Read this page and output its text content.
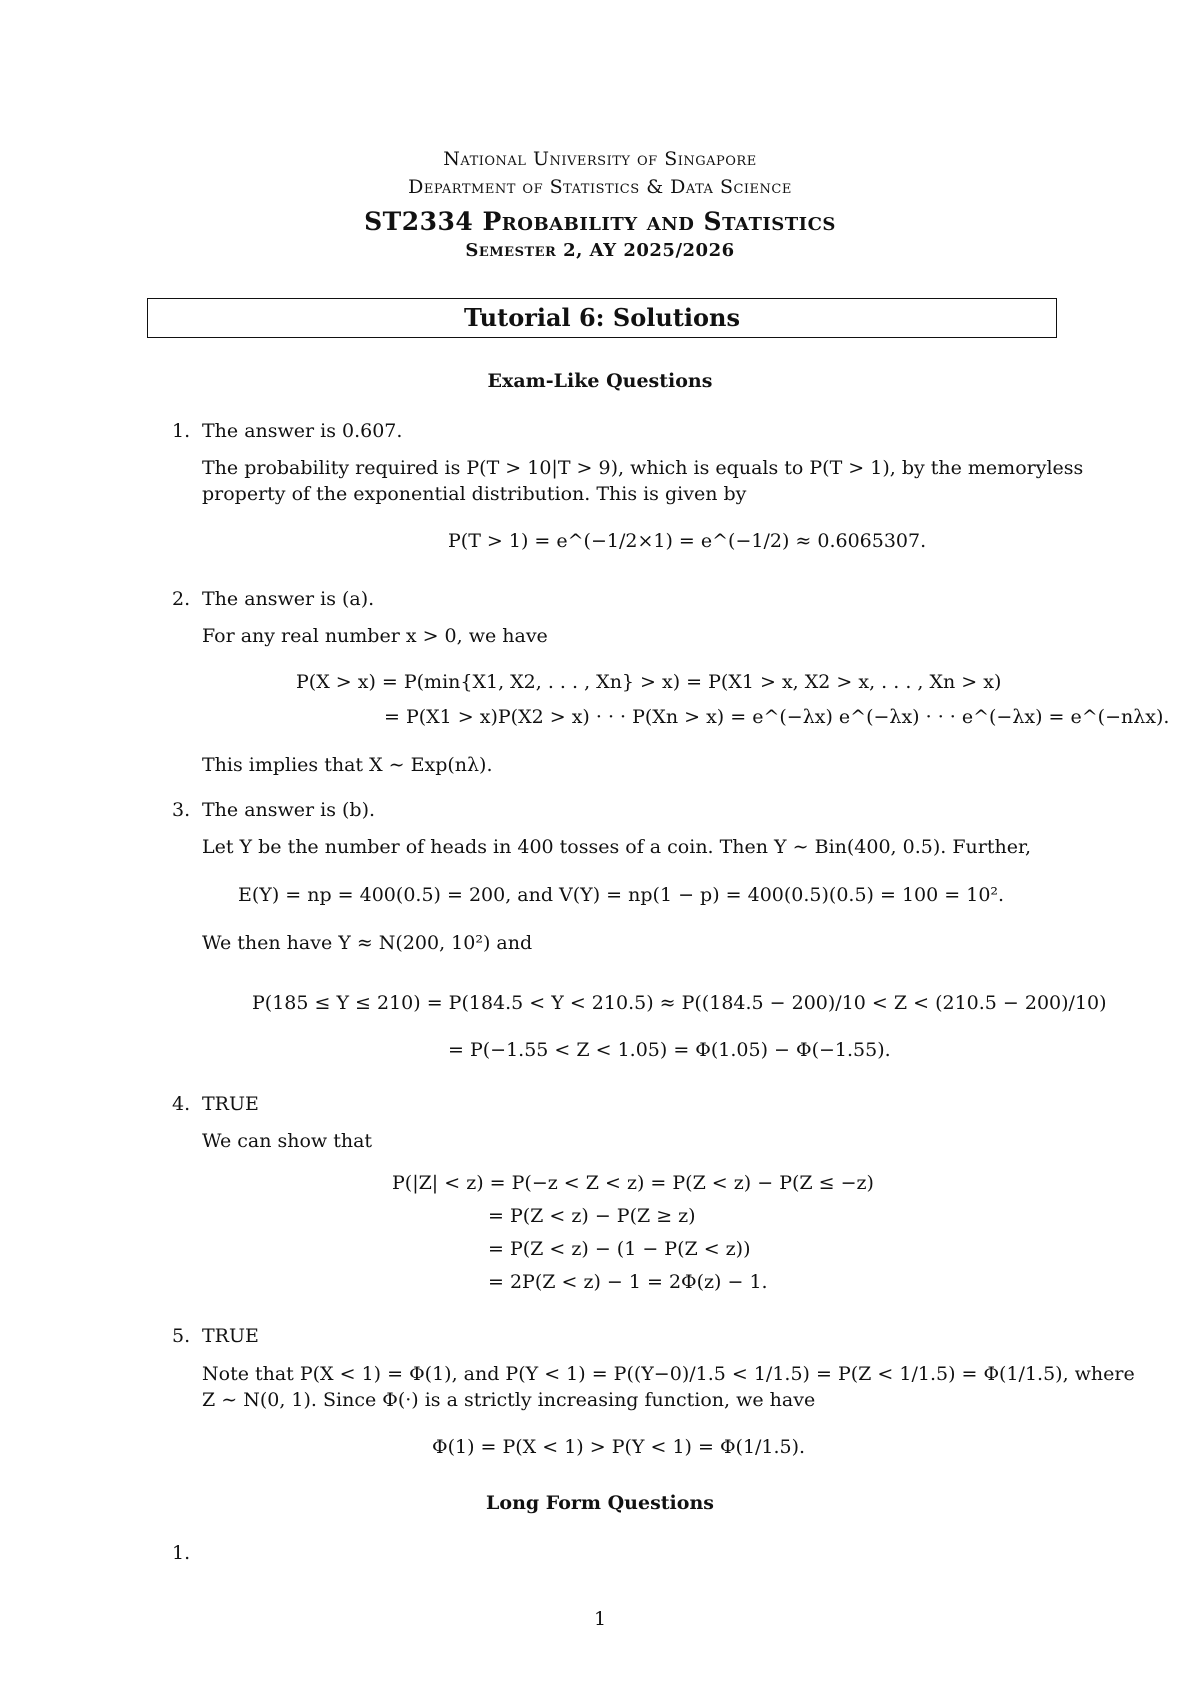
National University of Singapore
Department of Statistics & Data Science
ST2334 Probability and Statistics
Semester 2, AY 2025/2026
Tutorial 6: Solutions
Exam-Like Questions
1. The answer is 0.607.
The probability required is P(T > 10|T > 9), which is equals to P(T > 1), by the memoryless
property of the exponential distribution. This is given by
P(T > 1) = e^(−1/2×1) = e^(−1/2) ≈ 0.6065307.
2. The answer is (a).
For any real number x > 0, we have
P(X > x) = P(min{X1, X2, . . . , Xn} > x) = P(X1 > x, X2 > x, . . . , Xn > x)
= P(X1 > x)P(X2 > x) · · · P(Xn > x) = e^(−λx) e^(−λx) · · · e^(−λx) = e^(−nλx).
This implies that X ∼ Exp(nλ).
3. The answer is (b).
Let Y be the number of heads in 400 tosses of a coin. Then Y ∼ Bin(400, 0.5). Further,
E(Y) = np = 400(0.5) = 200, and V(Y) = np(1 − p) = 400(0.5)(0.5) = 100 = 10².
We then have Y ≈ N(200, 10²) and
P(185 ≤ Y ≤ 210) = P(184.5 < Y < 210.5) ≈ P((184.5 − 200)/10 < Z < (210.5 − 200)/10)
= P(−1.55 < Z < 1.05) = Φ(1.05) − Φ(−1.55).
4. TRUE
We can show that
P(|Z| < z) = P(−z < Z < z) = P(Z < z) − P(Z ≤ −z)
= P(Z < z) − P(Z ≥ z)
= P(Z < z) − (1 − P(Z < z))
= 2P(Z < z) − 1 = 2Φ(z) − 1.
5. TRUE
Note that P(X < 1) = Φ(1), and P(Y < 1) = P((Y−0)/1.5 < 1/1.5) = P(Z < 1/1.5) = Φ(1/1.5), where
Z ∼ N(0, 1). Since Φ(·) is a strictly increasing function, we have
Φ(1) = P(X < 1) > P(Y < 1) = Φ(1/1.5).
Long Form Questions
1.
1
